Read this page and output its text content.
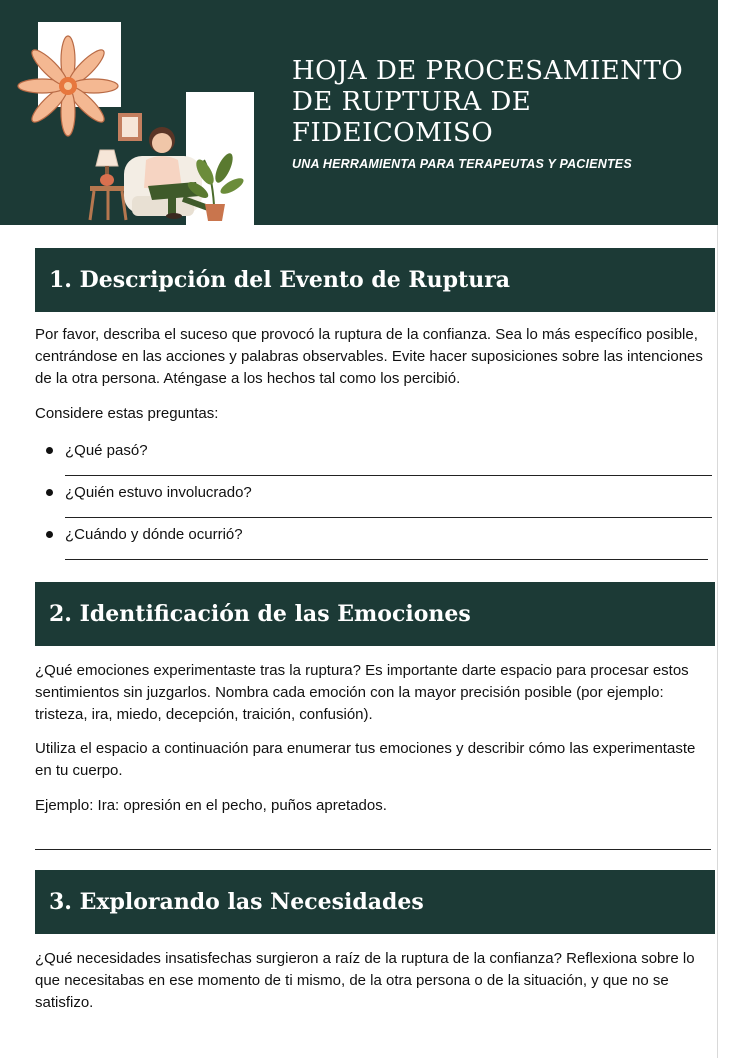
HOJA DE PROCESAMIENTO
DE RUPTURA DE
FIDEICOMISO
UNA HERRAMIENTA PARA TERAPEUTAS Y PACIENTES
1. Descripción del Evento de Ruptura

Por favor, describa el suceso que provocó la ruptura de la confianza. Sea lo más específico posible, centrándose en las acciones y palabras observables. Evite hacer suposiciones sobre las intenciones de la otra persona. Aténgase a los hechos tal como los percibió.

Considere estas preguntas:

¿Qué pasó?
¿Quién estuvo involucrado?
¿Cuándo y dónde ocurrió?
2. Identificación de las Emociones

¿Qué emociones experimentaste tras la ruptura? Es importante darte espacio para procesar estos sentimientos sin juzgarlos. Nombra cada emoción con la mayor precisión posible (por ejemplo: tristeza, ira, miedo, decepción, traición, confusión).

Utiliza el espacio a continuación para enumerar tus emociones y describir cómo las experimentaste en tu cuerpo.

Ejemplo: Ira: opresión en el pecho, puños apretados.

3. Explorando las Necesidades

¿Qué necesidades insatisfechas surgieron a raíz de la ruptura de la confianza? Reflexiona sobre lo que necesitabas en ese momento de ti mismo, de la otra persona o de la situación, y que no se satisfizo.
